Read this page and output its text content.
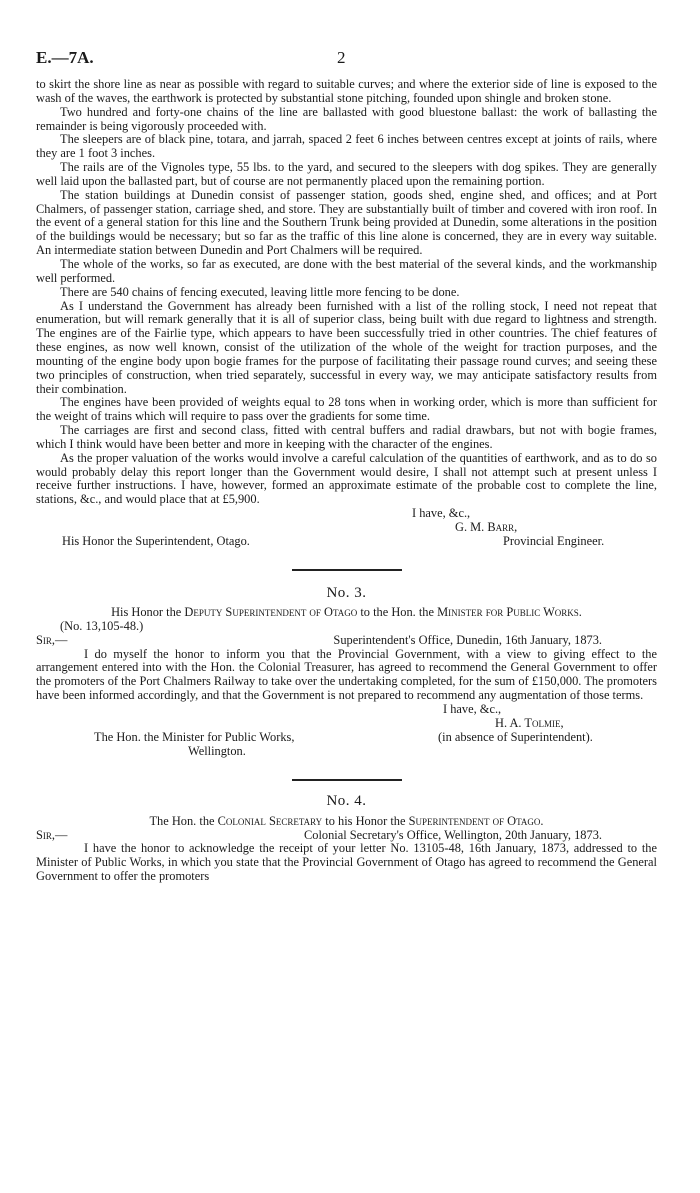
E.—7A.	2

to skirt the shore line as near as possible with regard to suitable curves; and where the exterior side of line is exposed to the wash of the waves, the earthwork is protected by substantial stone pitching, founded upon shingle and broken stone.

Two hundred and forty-one chains of the line are ballasted with good bluestone ballast: the work of ballasting the remainder is being vigorously proceeded with.

The sleepers are of black pine, totara, and jarrah, spaced 2 feet 6 inches between centres except at joints of rails, where they are 1 foot 3 inches.

The rails are of the Vignoles type, 55 lbs. to the yard, and secured to the sleepers with dog spikes. They are generally well laid upon the ballasted part, but of course are not permanently placed upon the remaining portion.

The station buildings at Dunedin consist of passenger station, goods shed, engine shed, and offices; and at Port Chalmers, of passenger station, carriage shed, and store. They are substantially built of timber and covered with iron roof. In the event of a general station for this line and the Southern Trunk being provided at Dunedin, some alterations in the position of the buildings would be necessary; but so far as the traffic of this line alone is concerned, they are in every way suitable. An intermediate station between Dunedin and Port Chalmers will be required.

The whole of the works, so far as executed, are done with the best material of the several kinds, and the workmanship well performed.

There are 540 chains of fencing executed, leaving little more fencing to be done.

As I understand the Government has already been furnished with a list of the rolling stock, I need not repeat that enumeration, but will remark generally that it is all of superior class, being built with due regard to lightness and strength. The engines are of the Fairlie type, which appears to have been successfully tried in other countries. The chief features of these engines, as now well known, consist of the utilization of the whole of the weight for traction purposes, and the mounting of the engine body upon bogie frames for the purpose of facilitating their passage round curves; and seeing these two principles of construction, when tried separately, successful in every way, we may anticipate satisfactory results from their combination.

The engines have been provided of weights equal to 28 tons when in working order, which is more than sufficient for the weight of trains which will require to pass over the gradients for some time.

The carriages are first and second class, fitted with central buffers and radial drawbars, but not with bogie frames, which I think would have been better and more in keeping with the character of the engines.

As the proper valuation of the works would involve a careful calculation of the quantities of earthwork, and as to do so would probably delay this report longer than the Government would desire, I shall not attempt such at present unless I receive further instructions. I have, however, formed an approximate estimate of the probable cost to complete the line, stations, &c., and would place that at £5,900.

I have, &c.,
G. M. Barr,
His Honor the Superintendent, Otago.	Provincial Engineer.
No. 3.
His Honor the Deputy Superintendent of Otago to the Hon. the Minister for Public Works.

(No. 13,105-48.)

Sir,—	Superintendent's Office, Dunedin, 16th January, 1873.

I do myself the honor to inform you that the Provincial Government, with a view to giving effect to the arrangement entered into with the Hon. the Colonial Treasurer, has agreed to recommend the General Government to offer the promoters of the Port Chalmers Railway to take over the undertaking completed, for the sum of £150,000. The promoters have been informed accordingly, and that the Government is not prepared to recommend any augmentation of those terms.

I have, &c.,
H. A. Tolmie,
The Hon. the Minister for Public Works,	(in absence of Superintendent).
Wellington.
No. 4.
The Hon. the Colonial Secretary to his Honor the Superintendent of Otago.
Sir,—	Colonial Secretary's Office, Wellington, 20th January, 1873.

I have the honor to acknowledge the receipt of your letter No. 13105-48, 16th January, 1873, addressed to the Minister of Public Works, in which you state that the Provincial Government of Otago has agreed to recommend the General Government to offer the promoters
